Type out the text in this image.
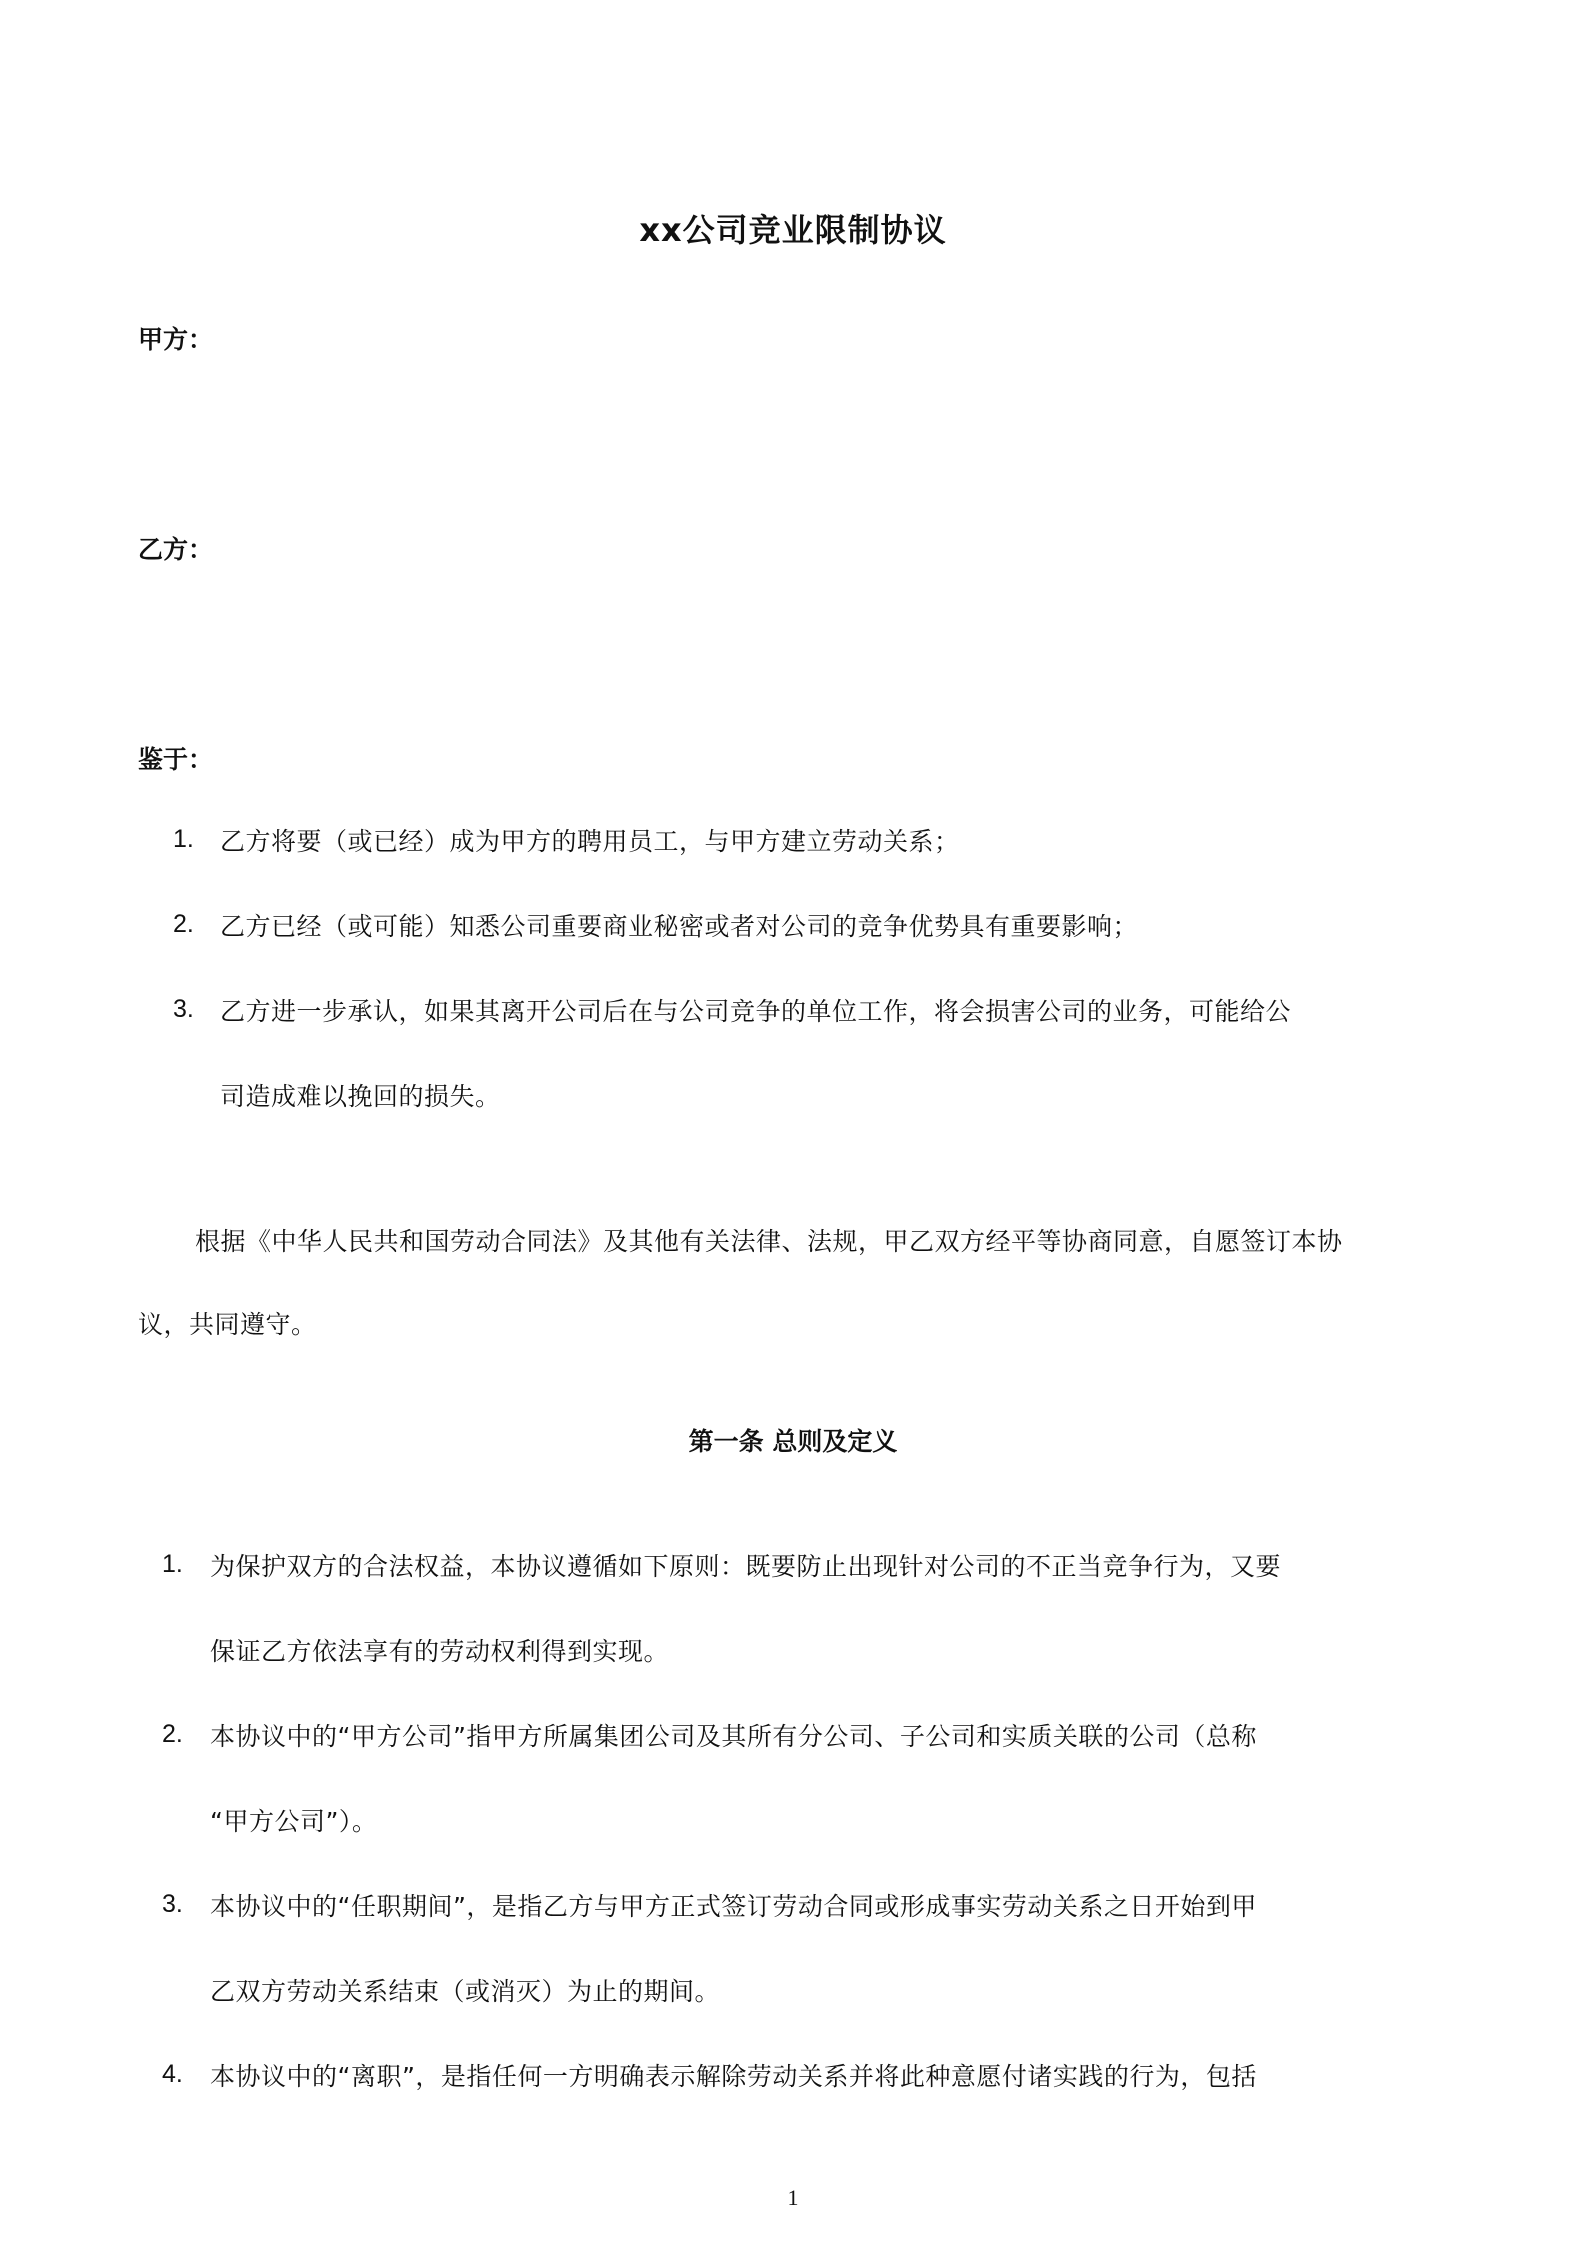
xx公司竞业限制协议
甲方：
乙方：
鉴于：
1. 乙方将要（或已经）成为甲方的聘用员工，与甲方建立劳动关系；
2. 乙方已经（或可能）知悉公司重要商业秘密或者对公司的竞争优势具有重要影响；
3. 乙方进一步承认，如果其离开公司后在与公司竞争的单位工作，将会损害公司的业务，可能给公
司造成难以挽回的损失。
根据《中华人民共和国劳动合同法》及其他有关法律、法规，甲乙双方经平等协商同意，自愿签订本协
议，共同遵守。
第一条 总则及定义
1. 为保护双方的合法权益，本协议遵循如下原则：既要防止出现针对公司的不正当竞争行为，又要
保证乙方依法享有的劳动权利得到实现。
2. 本协议中的“甲方公司”指甲方所属集团公司及其所有分公司、子公司和实质关联的公司（总称
“甲方公司”）。
3. 本协议中的“任职期间”，是指乙方与甲方正式签订劳动合同或形成事实劳动关系之日开始到甲
乙双方劳动关系结束（或消灭）为止的期间。
4. 本协议中的“离职”，是指任何一方明确表示解除劳动关系并将此种意愿付诸实践的行为，包括
1
